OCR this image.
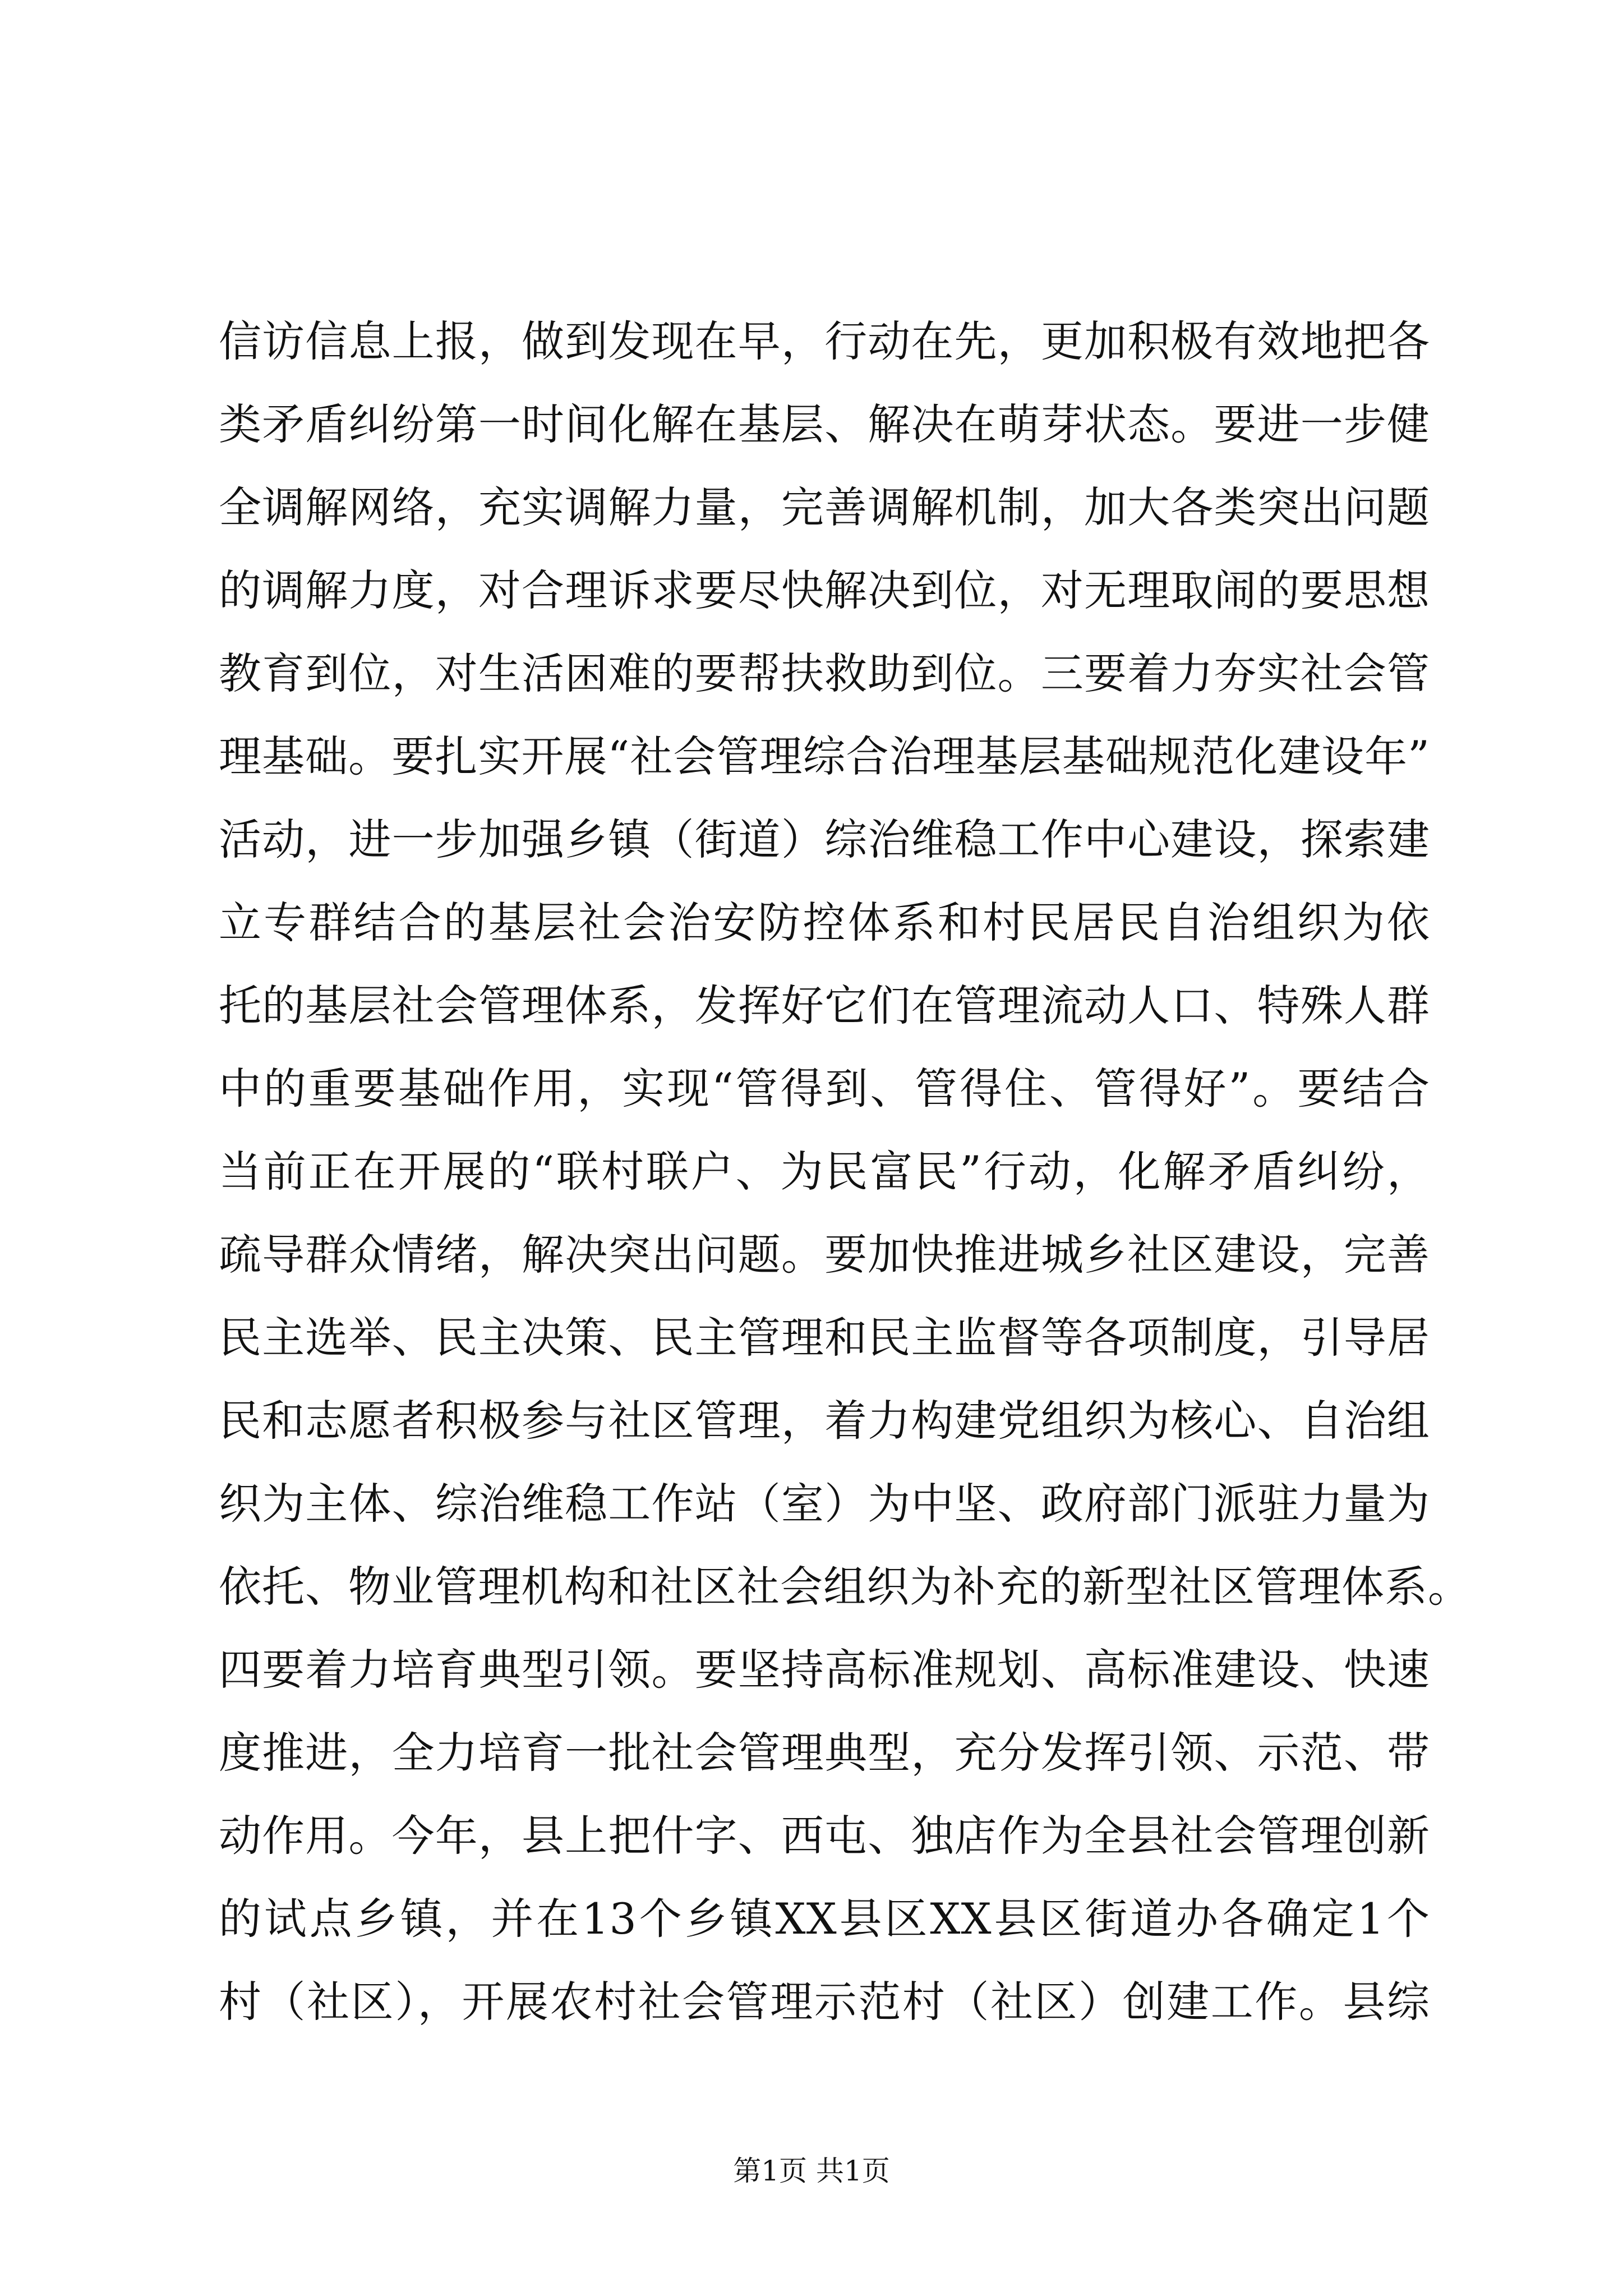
信访信息上报，做到发现在早，行动在先，更加积极有效地把各
类矛盾纠纷第一时间化解在基层、解决在萌芽状态。要进一步健
全调解网络，充实调解力量，完善调解机制，加大各类突出问题
的调解力度，对合理诉求要尽快解决到位，对无理取闹的要思想
教育到位，对生活困难的要帮扶救助到位。三要着力夯实社会管
理基础。要扎实开展“社会管理综合治理基层基础规范化建设年”
活动，进一步加强乡镇（街道）综治维稳工作中心建设，探索建
立专群结合的基层社会治安防控体系和村民居民自治组织为依
托的基层社会管理体系，发挥好它们在管理流动人口、特殊人群
中的重要基础作用，实现“管得到、管得住、管得好”。要结合
当前正在开展的“联村联户、为民富民”行动，化解矛盾纠纷，
疏导群众情绪，解决突出问题。要加快推进城乡社区建设，完善
民主选举、民主决策、民主管理和民主监督等各项制度，引导居
民和志愿者积极参与社区管理，着力构建党组织为核心、自治组
织为主体、综治维稳工作站（室）为中坚、政府部门派驻力量为
依托、物业管理机构和社区社会组织为补充的新型社区管理体系。
四要着力培育典型引领。要坚持高标准规划、高标准建设、快速
度推进，全力培育一批社会管理典型，充分发挥引领、示范、带
动作用。今年，县上把什字、西屯、独店作为全县社会管理创新
的试点乡镇，并在13个乡镇XX县区XX县区街道办各确定1个
村（社区），开展农村社会管理示范村（社区）创建工作。县综
第1页 共1页
